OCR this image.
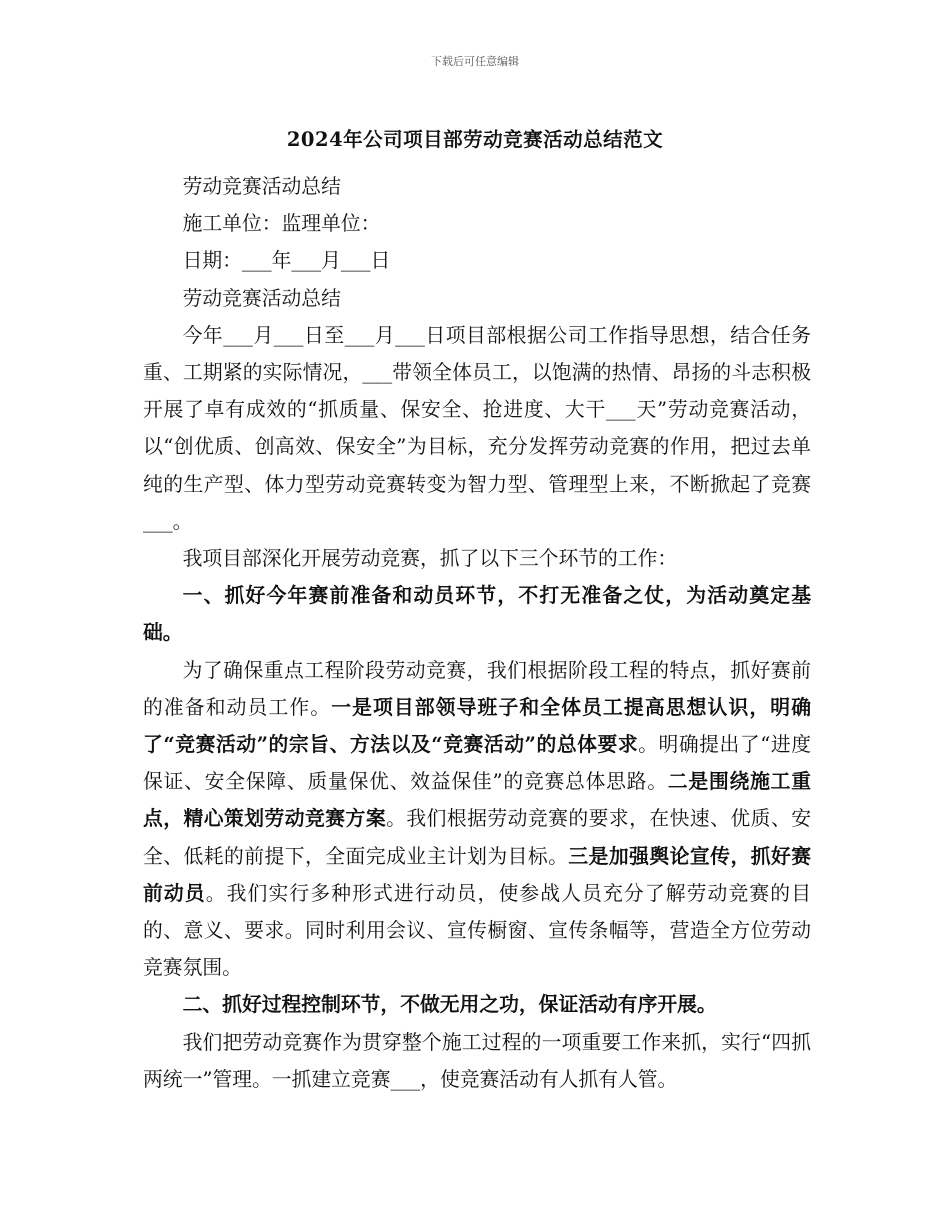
下载后可任意编辑
2024年公司项目部劳动竞赛活动总结范文

劳动竞赛活动总结

施工单位：监理单位：

日期：___年___月___日

劳动竞赛活动总结

今年___月___日至___月___日项目部根据公司工作指导思想，结合任务重、工期紧的实际情况，___带领全体员工，以饱满的热情、昂扬的斗志积极开展了卓有成效的“抓质量、保安全、抢进度、大干___天”劳动竞赛活动，以“创优质、创高效、保安全”为目标，充分发挥劳动竞赛的作用，把过去单纯的生产型、体力型劳动竞赛转变为智力型、管理型上来，不断掀起了竞赛___。

我项目部深化开展劳动竞赛，抓了以下三个环节的工作：

一、抓好今年赛前准备和动员环节，不打无准备之仗，为活动奠定基础。

为了确保重点工程阶段劳动竞赛，我们根据阶段工程的特点，抓好赛前的准备和动员工作。一是项目部领导班子和全体员工提高思想认识，明确了“竞赛活动”的宗旨、方法以及“竞赛活动”的总体要求。明确提出了“进度保证、安全保障、质量保优、效益保佳”的竞赛总体思路。二是围绕施工重点，精心策划劳动竞赛方案。我们根据劳动竞赛的要求，在快速、优质、安全、低耗的前提下，全面完成业主计划为目标。三是加强舆论宣传，抓好赛前动员。我们实行多种形式进行动员，使参战人员充分了解劳动竞赛的目的、意义、要求。同时利用会议、宣传橱窗、宣传条幅等，营造全方位劳动竞赛氛围。

二、抓好过程控制环节，不做无用之功，保证活动有序开展。

我们把劳动竞赛作为贯穿整个施工过程的一项重要工作来抓，实行“四抓两统一”管理。一抓建立竞赛___，使竞赛活动有人抓有人管。
